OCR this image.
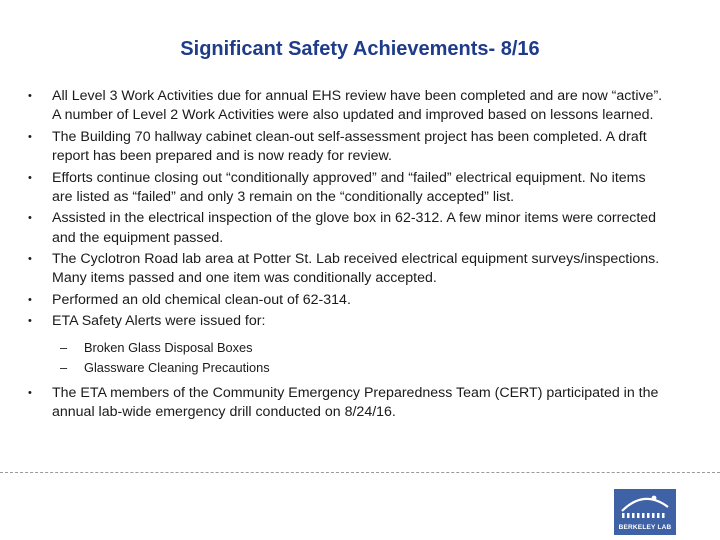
Significant Safety Achievements- 8/16
• All Level 3 Work Activities due for annual EHS review have been completed and are now “active”. A number of Level 2 Work Activities were also updated and improved based on lessons learned.
• The Building 70 hallway cabinet clean-out self-assessment project has been completed. A draft report has been prepared and is now ready for review.
• Efforts continue closing out “conditionally approved” and “failed” electrical equipment. No items are listed as “failed” and only 3 remain on the “conditionally accepted” list.
• Assisted in the electrical inspection of the glove box in 62-312. A few minor items were corrected and the equipment passed.
• The Cyclotron Road lab area at Potter St. Lab received electrical equipment surveys/inspections. Many items passed and one item was conditionally accepted.
• Performed an old chemical clean-out of 62-314.
• ETA Safety Alerts were issued for:
– Broken Glass Disposal Boxes
– Glassware Cleaning Precautions
• The ETA members of the Community Emergency Preparedness Team (CERT) participated in the annual lab-wide emergency drill conducted on 8/24/16.
BERKELEY LAB
